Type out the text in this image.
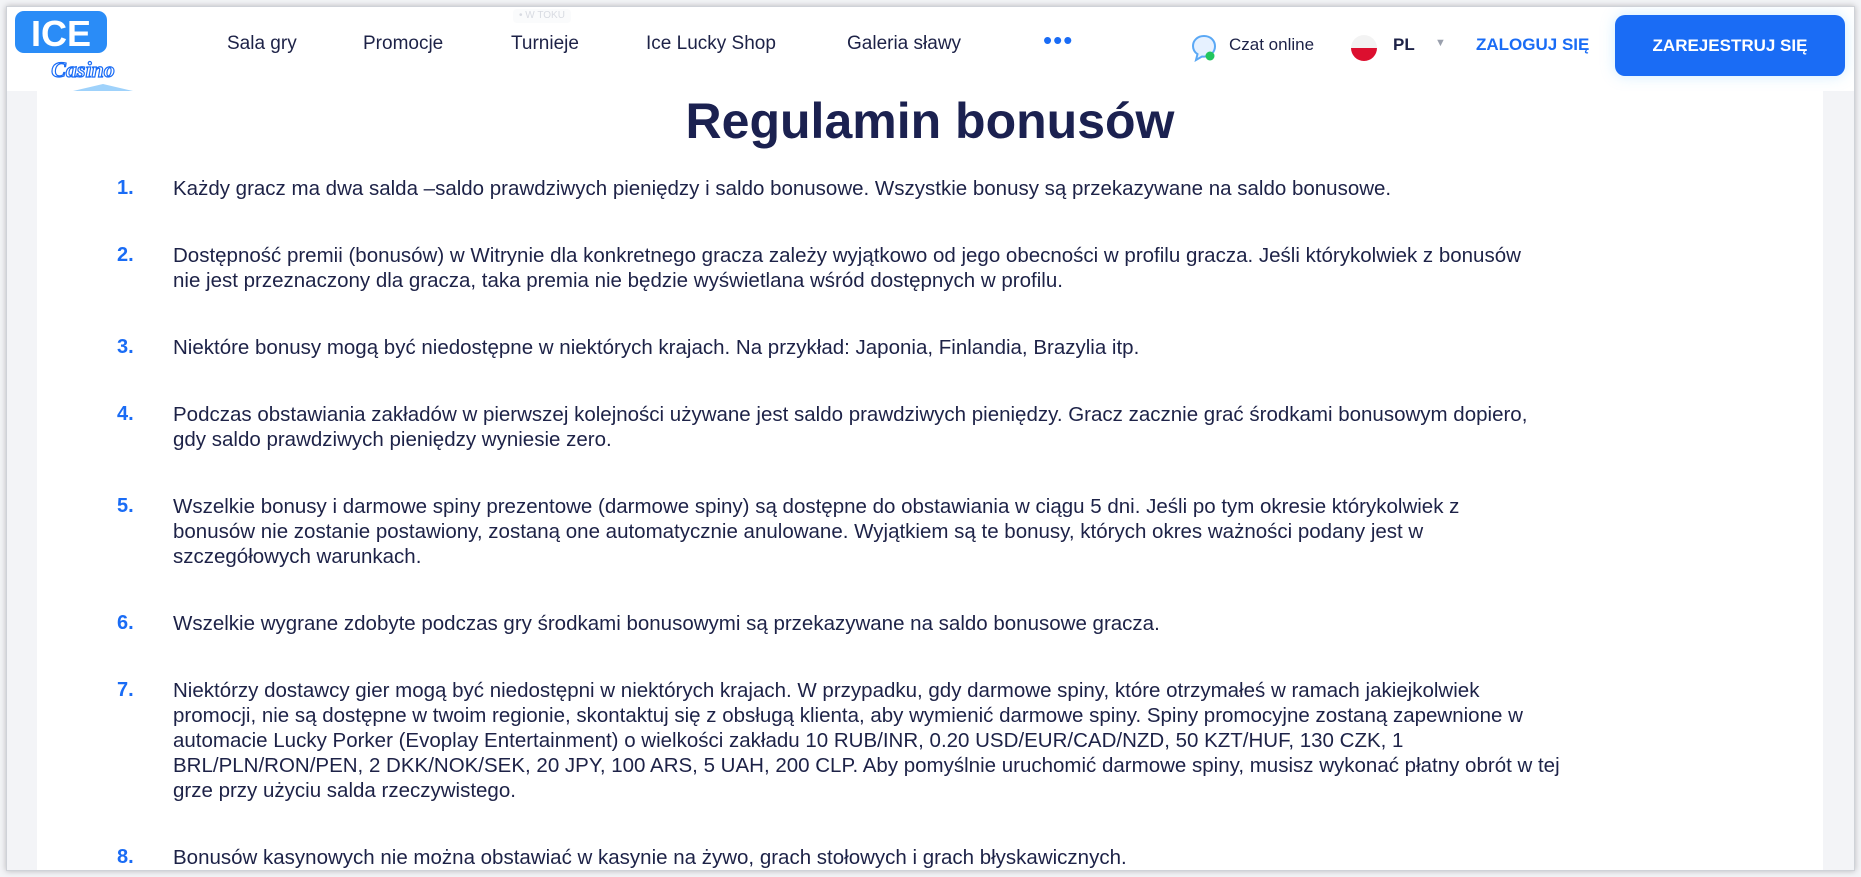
ICE
Casino
• W TOKU
Sala gry	Promocje	Turnieje	Ice Lucky Shop	Galeria sławy	•••	Czat online	PL ▼ ZALOGUJ SIĘ	ZAREJESTRUJ SIĘ
Regulamin bonusów
1. Każdy gracz ma dwa salda –saldo prawdziwych pieniędzy i saldo bonusowe. Wszystkie bonusy są przekazywane na saldo bonusowe.
2. Dostępność premii (bonusów) w Witrynie dla konkretnego gracza zależy wyjątkowo od jego obecności w profilu gracza. Jeśli którykolwiek z bonusów
nie jest przeznaczony dla gracza, taka premia nie będzie wyświetlana wśród dostępnych w profilu.
3. Niektóre bonusy mogą być niedostępne w niektórych krajach. Na przykład: Japonia, Finlandia, Brazylia itp.
4. Podczas obstawiania zakładów w pierwszej kolejności używane jest saldo prawdziwych pieniędzy. Gracz zacznie grać środkami bonusowym dopiero,
gdy saldo prawdziwych pieniędzy wyniesie zero.
5. Wszelkie bonusy i darmowe spiny prezentowe (darmowe spiny) są dostępne do obstawiania w ciągu 5 dni. Jeśli po tym okresie którykolwiek z
bonusów nie zostanie postawiony, zostaną one automatycznie anulowane. Wyjątkiem są te bonusy, których okres ważności podany jest w
szczegółowych warunkach.
6. Wszelkie wygrane zdobyte podczas gry środkami bonusowymi są przekazywane na saldo bonusowe gracza.
7. Niektórzy dostawcy gier mogą być niedostępni w niektórych krajach. W przypadku, gdy darmowe spiny, które otrzymałeś w ramach jakiejkolwiek
promocji, nie są dostępne w twoim regionie, skontaktuj się z obsługą klienta, aby wymienić darmowe spiny. Spiny promocyjne zostaną zapewnione w
automacie Lucky Porker (Evoplay Entertainment) o wielkości zakładu 10 RUB/INR, 0.20 USD/EUR/CAD/NZD, 50 KZT/HUF, 130 CZK, 1
BRL/PLN/RON/PEN, 2 DKK/NOK/SEK, 20 JPY, 100 ARS, 5 UAH, 200 CLP. Aby pomyślnie uruchomić darmowe spiny, musisz wykonać płatny obrót w tej
grze przy użyciu salda rzeczywistego.
8. Bonusów kasynowych nie można obstawiać w kasynie na żywo, grach stołowych i grach błyskawicznych.
